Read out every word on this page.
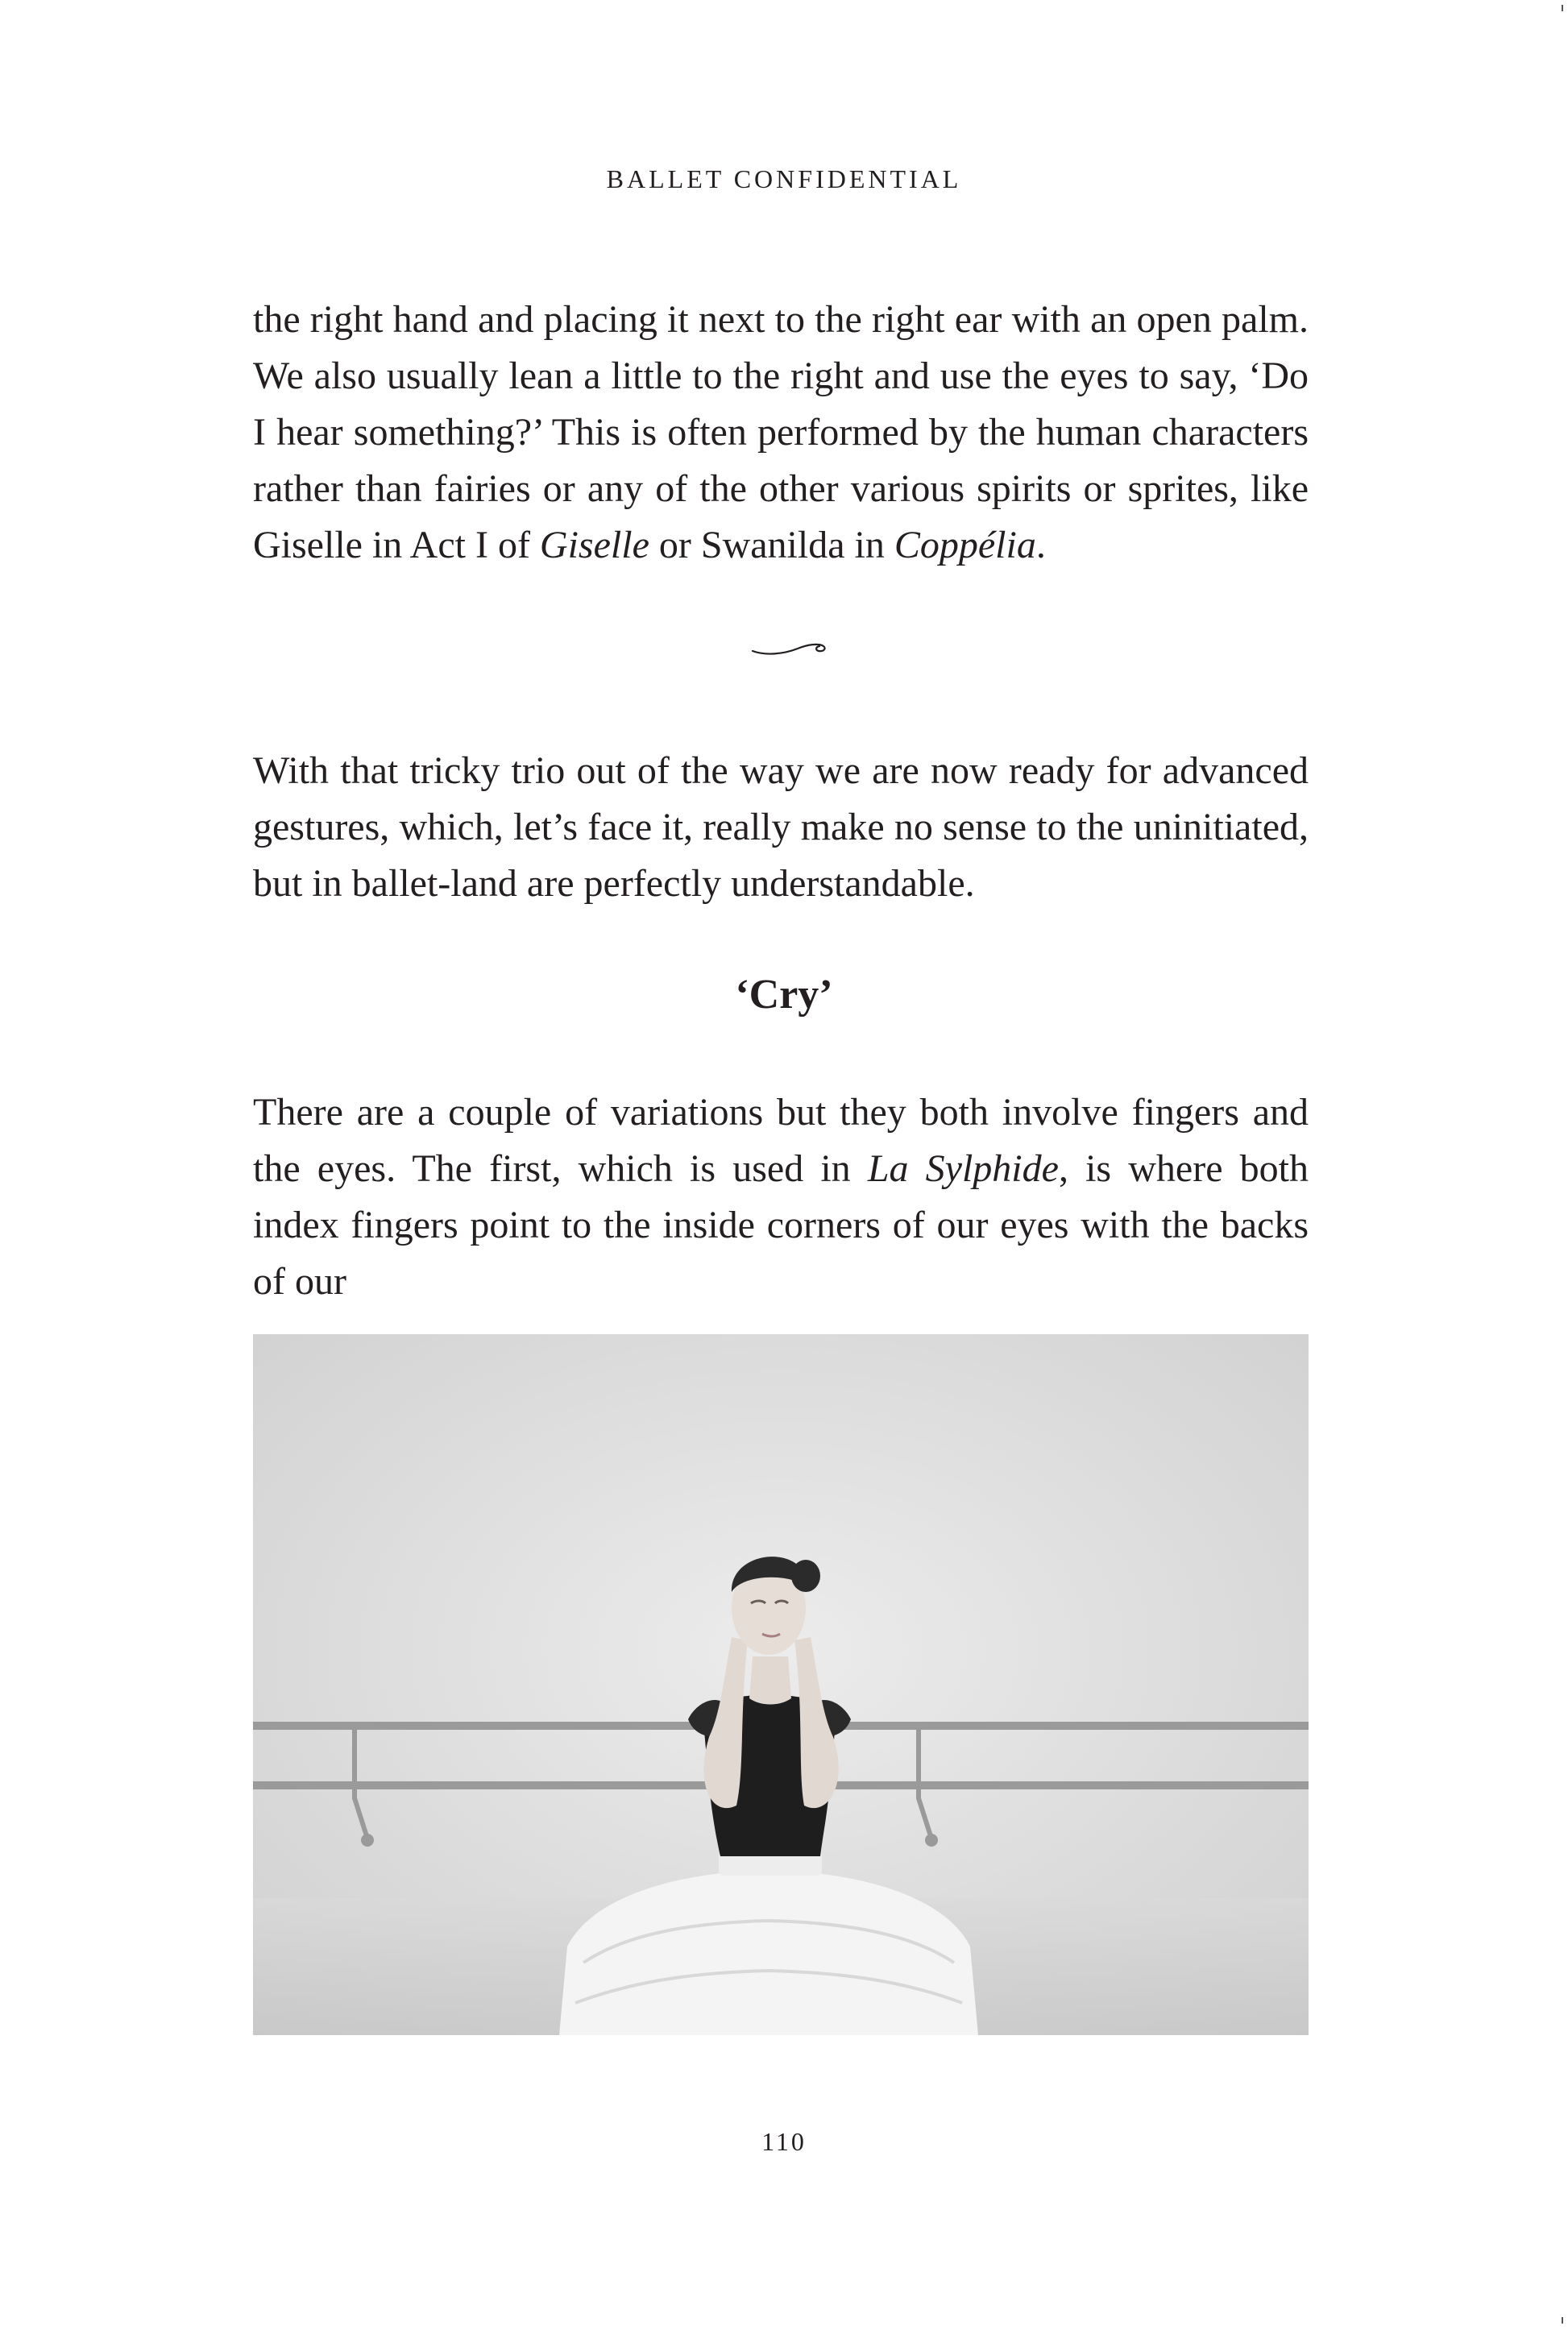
BALLET CONFIDENTIAL

the right hand and placing it next to the right ear with an open palm. We also usually lean a little to the right and use the eyes to say, ‘Do I hear something?’ This is often performed by the human characters rather than fairies or any of the other various spirits or sprites, like Giselle in Act I of Giselle or Swanilda in Coppélia.

With that tricky trio out of the way we are now ready for advanced gestures, which, let’s face it, really make no sense to the uninitiated, but in ballet-land are perfectly understandable.

‘Cry’

There are a couple of variations but they both involve fingers and the eyes. The first, which is used in La Sylphide, is where both index fingers point to the inside corners of our eyes with the backs of our

110
